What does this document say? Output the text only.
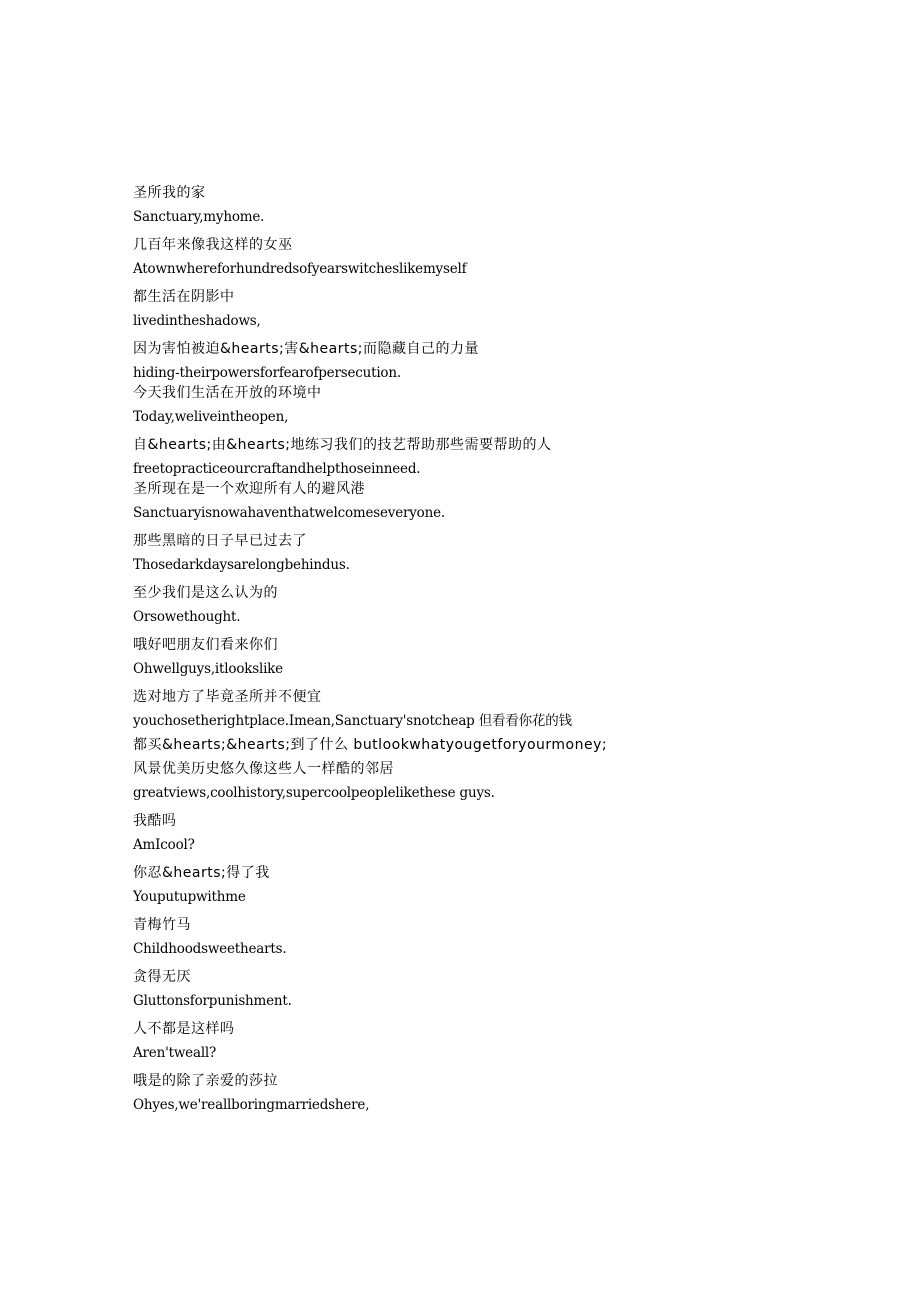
圣所我的家
Sanctuary,myhome.
几百年来像我这样的女巫
Atownwhereforhundredsofyearswitcheslikemyself
都生活在阴影中
livedintheshadows,
因为害怕被迫&hearts;害&hearts;而隐藏自己的力量
hiding-theirpowersforfearofpersecution.
今天我们生活在开放的环境中
Today,weliveintheopen,
自&hearts;由&hearts;地练习我们的技艺帮助那些需要帮助的人
freetopracticeourcraftandhelpthoseinneed.
圣所现在是一个欢迎所有人的避风港
Sanctuaryisnowahaventhatwelcomeseveryone.
那些黑暗的日子早已过去了
Thosedarkdaysarelongbehindus.
至少我们是这么认为的
Orsowethought.
哦好吧朋友们看来你们
Ohwellguys,itlookslike
选对地方了毕竟圣所并不便宜
youchosetherightplace.Imean,Sanctuary'snotcheap 但看看你花的钱
都买&hearts;&hearts;到了什么 butlookwhatyougetforyourmoney;
风景优美历史悠久像这些人一样酷的邻居
greatviews,coolhistory,supercoolpeoplelikethese guys.
我酷吗
AmIcool?
你忍&hearts;得了我
Youputupwithme
青梅竹马
Childhoodsweethearts.
贪得无厌
Gluttonsforpunishment.
人不都是这样吗
Aren'tweall?
哦是的除了亲爱的莎拉
Ohyes,we'reallboringmarriedshere,
